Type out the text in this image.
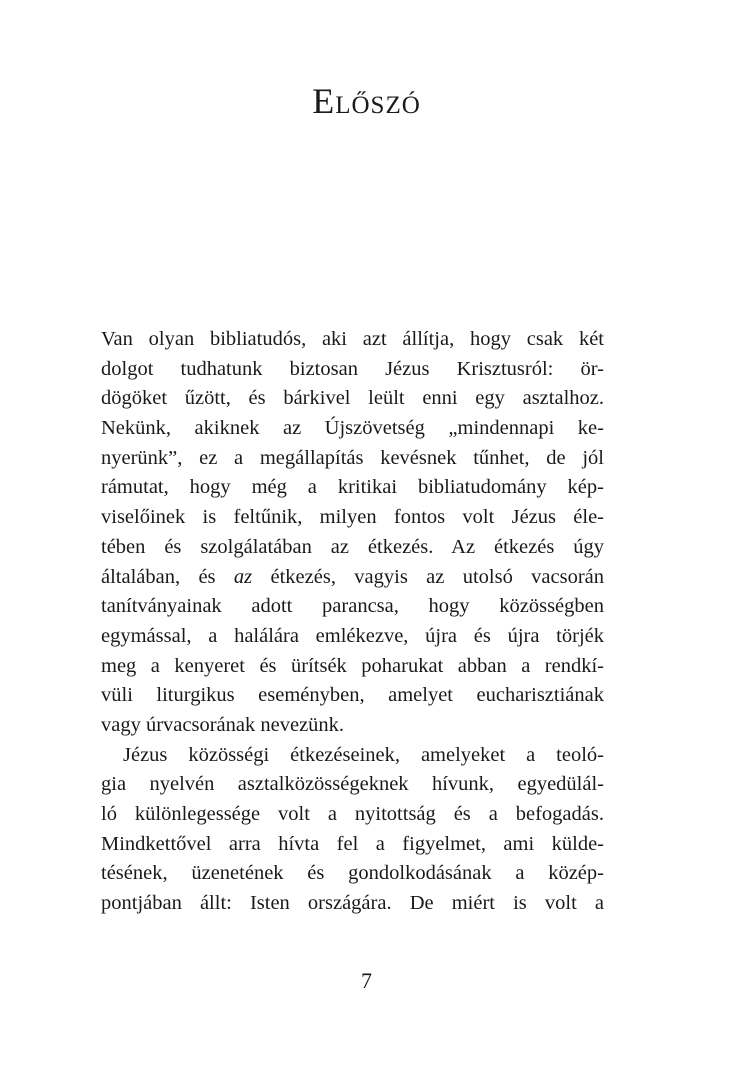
Előszó
Van olyan bibliatudós, aki azt állítja, hogy csak két
dolgot tudhatunk biztosan Jézus Krisztusról: ör-
dögöket űzött, és bárkivel leült enni egy asztalhoz.
Nekünk, akiknek az Újszövetség „mindennapi ke-
nyerünk”, ez a megállapítás kevésnek tűnhet, de jól
rámutat, hogy még a kritikai bibliatudomány kép-
viselőinek is feltűnik, milyen fontos volt Jézus éle-
tében és szolgálatában az étkezés. Az étkezés úgy
általában, és az étkezés, vagyis az utolsó vacsorán
tanítványainak adott parancsa, hogy közösségben
egymással, a halálára emlékezve, újra és újra törjék
meg a kenyeret és ürítsék poharukat abban a rendkí-
vüli liturgikus eseményben, amelyet eucharisztiának
vagy úrvacsorának nevezünk.
Jézus közösségi étkezéseinek, amelyeket a teoló-
gia nyelvén asztalközösségeknek hívunk, egyedülál-
ló különlegessége volt a nyitottság és a befogadás.
Mindkettővel arra hívta fel a figyelmet, ami külde-
tésének, üzenetének és gondolkodásának a közép-
pontjában állt: Isten országára. De miért is volt a
7
